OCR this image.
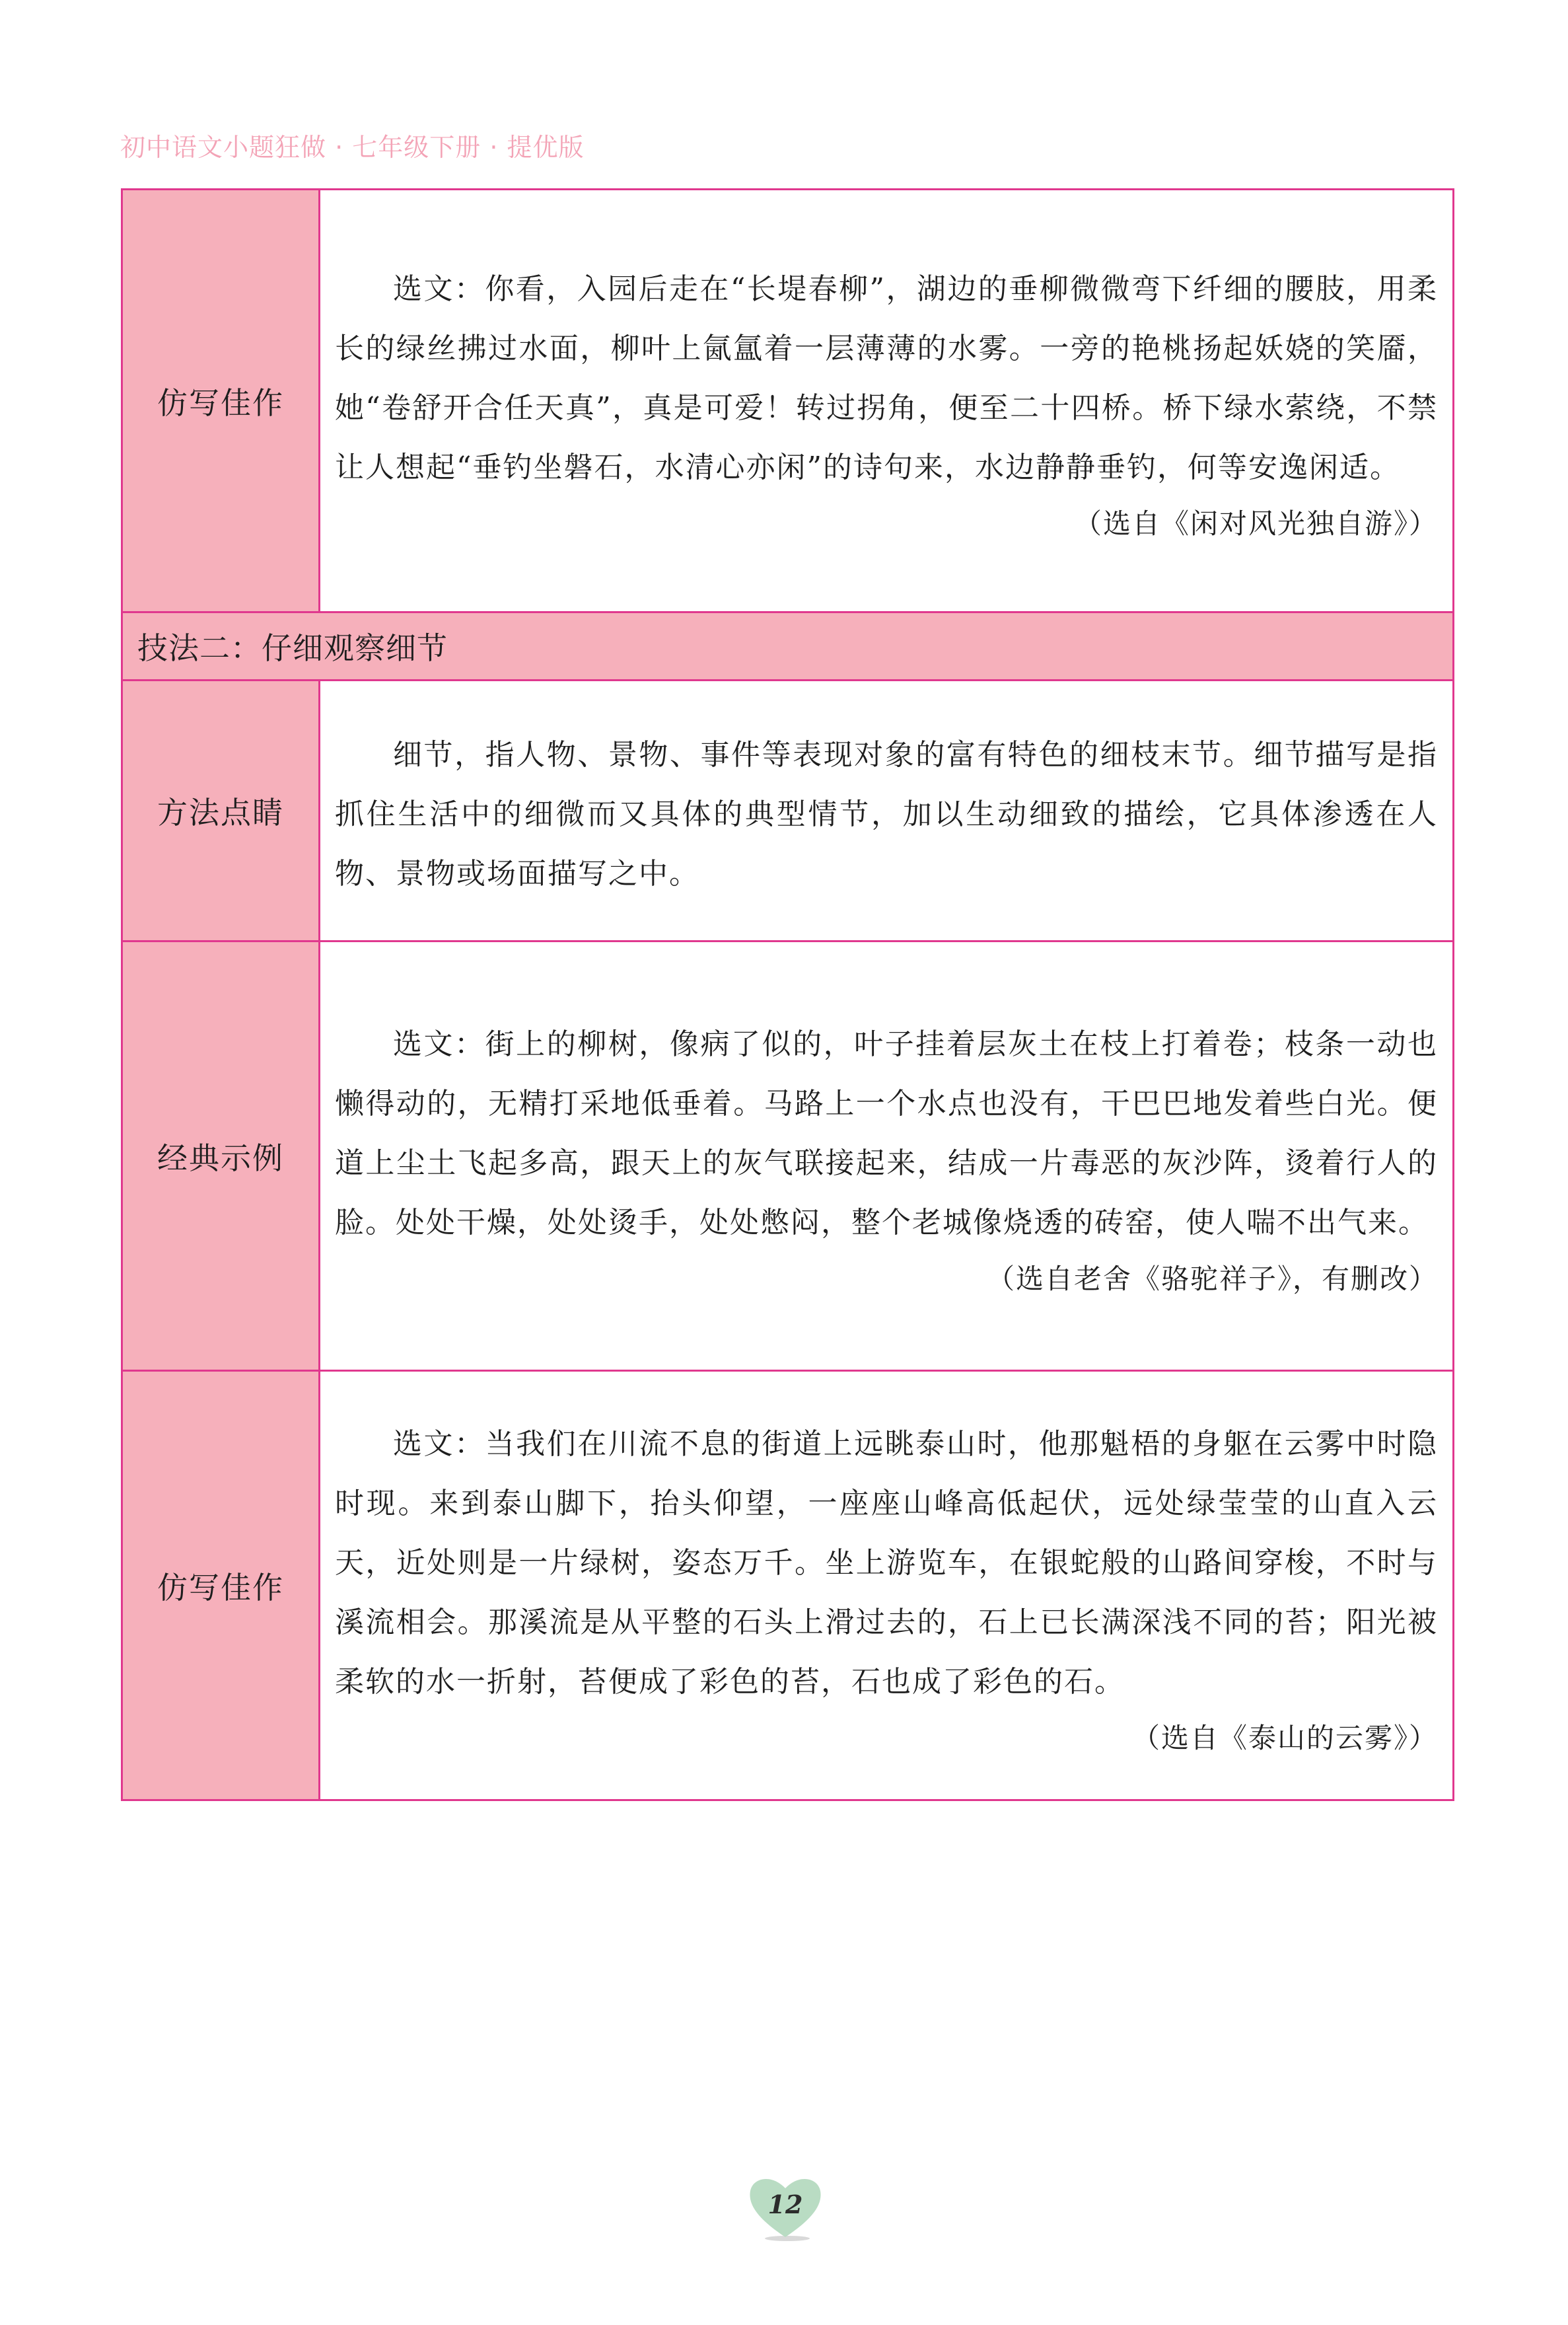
初中语文小题狂做 · 七年级下册 · 提优版
仿写佳作	选文：你看，入园后走在“长堤春柳”，湖边的垂柳微微弯下纤细的腰肢，用柔长的绿丝拂过水面，柳叶上氤氲着一层薄薄的水雾。一旁的艳桃扬起妖娆的笑靥，她“卷舒开合任天真”，真是可爱！转过拐角，便至二十四桥。桥下绿水萦绕，不禁让人想起“垂钓坐磐石，水清心亦闲”的诗句来，水边静静垂钓，何等安逸闲适。

（选自《闲对风光独自游》）

技法二：仔细观察细节	
方法点睛	细节，指人物、景物、事件等表现对象的富有特色的细枝末节。细节描写是指抓住生活中的细微而又具体的典型情节，加以生动细致的描绘，它具体渗透在人物、景物或场面描写之中。

经典示例	选文：街上的柳树，像病了似的，叶子挂着层灰土在枝上打着卷；枝条一动也懒得动的，无精打采地低垂着。马路上一个水点也没有，干巴巴地发着些白光。便道上尘土飞起多高，跟天上的灰气联接起来，结成一片毒恶的灰沙阵，烫着行人的脸。处处干燥，处处烫手，处处憋闷，整个老城像烧透的砖窑，使人喘不出气来。

（选自老舍《骆驼祥子》，有删改）

仿写佳作	选文：当我们在川流不息的街道上远眺泰山时，他那魁梧的身躯在云雾中时隐时现。来到泰山脚下，抬头仰望，一座座山峰高低起伏，远处绿莹莹的山直入云天，近处则是一片绿树，姿态万千。坐上游览车，在银蛇般的山路间穿梭，不时与溪流相会。那溪流是从平整的石头上滑过去的，石上已长满深浅不同的苔；阳光被柔软的水一折射，苔便成了彩色的苔，石也成了彩色的石。

（选自《泰山的云雾》）

12
